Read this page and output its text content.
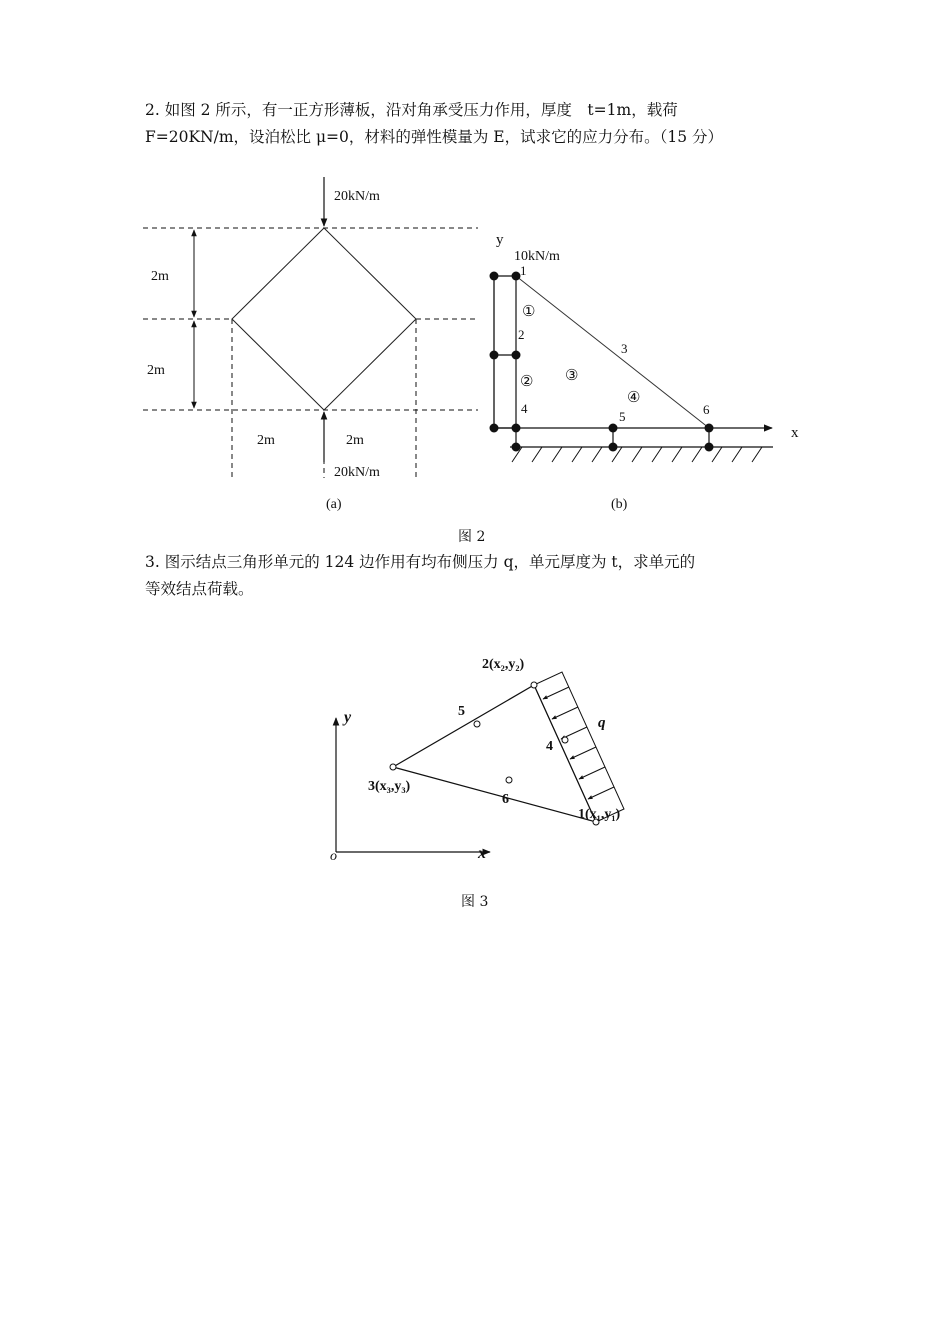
2. 如图 2 所示，有一正方形薄板，沿对角承受压力作用，厚度　t=1m，载荷
F=20KN/m，设泊松比 μ=0，材料的弹性模量为 E，试求它的应力分布。（15 分）

20kN/m
20kN/m
2m
2m
2m	2m
(a)
y
x
10kN/m
1
2
3
4
5	6
①
② ③
④
(b)
y
x
o
q
2(x₂,y₂)
3(x₃,y₃)
1(x₁,y₁)
5
6
4

图 2

3. 图示结点三角形单元的 124 边作用有均布侧压力 q，单元厚度为 t，求单元的
等效结点荷载。

图 3
